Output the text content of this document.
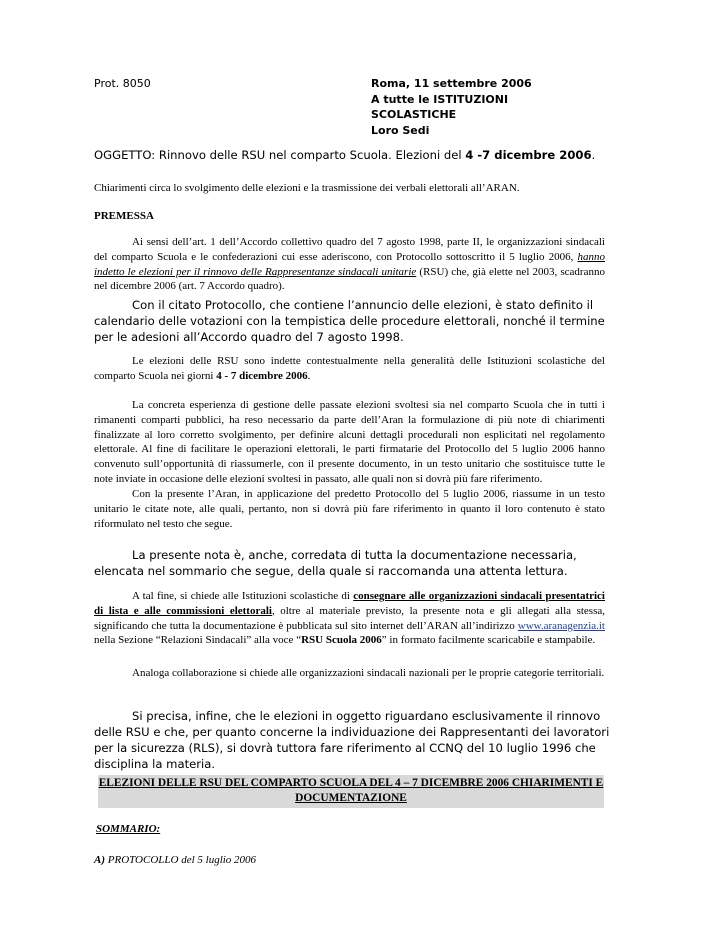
Prot. 8050	Roma, 11 settembre 2006
A tutte le ISTITUZIONI
SCOLASTICHE
Loro Sedi

OGGETTO: Rinnovo delle RSU nel comparto Scuola. Elezioni del 4 -7 dicembre 2006.

Chiarimenti circa lo svolgimento delle elezioni e la trasmissione dei verbali elettorali all’ARAN.

PREMESSA

Ai sensi dell’art. 1 dell’Accordo collettivo quadro del 7 agosto 1998, parte II, le organizzazioni sindacali del comparto Scuola e le confederazioni cui esse aderiscono, con Protocollo sottoscritto il 5 luglio 2006, hanno indetto le elezioni per il rinnovo delle Rappresentanze sindacali unitarie (RSU) che, già elette nel 2003, scadranno nel dicembre 2006 (art. 7 Accordo quadro).

Con il citato Protocollo, che contiene l’annuncio delle elezioni, è stato definito il calendario delle votazioni con la tempistica delle procedure elettorali, nonché il termine per le adesioni all’Accordo quadro del 7 agosto 1998.

Le elezioni delle RSU sono indette contestualmente nella generalità delle Istituzioni scolastiche del comparto Scuola nei giorni 4 - 7 dicembre 2006.

La concreta esperienza di gestione delle passate elezioni svoltesi sia nel comparto Scuola che in tutti i rimanenti comparti pubblici, ha reso necessario da parte dell’Aran la formulazione di più note di chiarimenti finalizzate al loro corretto svolgimento, per definire alcuni dettagli procedurali non esplicitati nel regolamento elettorale. Al fine di facilitare le operazioni elettorali, le parti firmatarie del Protocollo del 5 luglio 2006 hanno convenuto sull’opportunità di riassumerle, con il presente documento, in un testo unitario che sostituisce tutte le note inviate in occasione delle elezioni svoltesi in passato, alle quali non si dovrà più fare riferimento.

Con la presente l’Aran, in applicazione del predetto Protocollo del 5 luglio 2006, riassume in un testo unitario le citate note, alle quali, pertanto, non si dovrà più fare riferimento in quanto il loro contenuto è stato riformulato nel testo che segue.

La presente nota è, anche, corredata di tutta la documentazione necessaria, elencata nel sommario che segue, della quale si raccomanda una attenta lettura.

A tal fine, si chiede alle Istituzioni scolastiche di consegnare alle organizzazioni sindacali presentatrici di lista e alle commissioni elettorali, oltre al materiale previsto, la presente nota e gli allegati alla stessa, significando che tutta la documentazione è pubblicata sul sito internet dell’ARAN all’indirizzo www.aranagenzia.it nella Sezione “Relazioni Sindacali” alla voce “RSU Scuola 2006” in formato facilmente scaricabile e stampabile.

Analoga collaborazione si chiede alle organizzazioni sindacali nazionali per le proprie categorie territoriali.

Si precisa, infine, che le elezioni in oggetto riguardano esclusivamente il rinnovo delle RSU e che, per quanto concerne la individuazione dei Rappresentanti dei lavoratori per la sicurezza (RLS), si dovrà tuttora fare riferimento al CCNQ del 10 luglio 1996 che disciplina la materia.

ELEZIONI DELLE RSU DEL COMPARTO SCUOLA DEL 4 – 7 DICEMBRE 2006 CHIARIMENTI E
DOCUMENTAZIONE

SOMMARIO:

A) PROTOCOLLO del 5 luglio 2006
